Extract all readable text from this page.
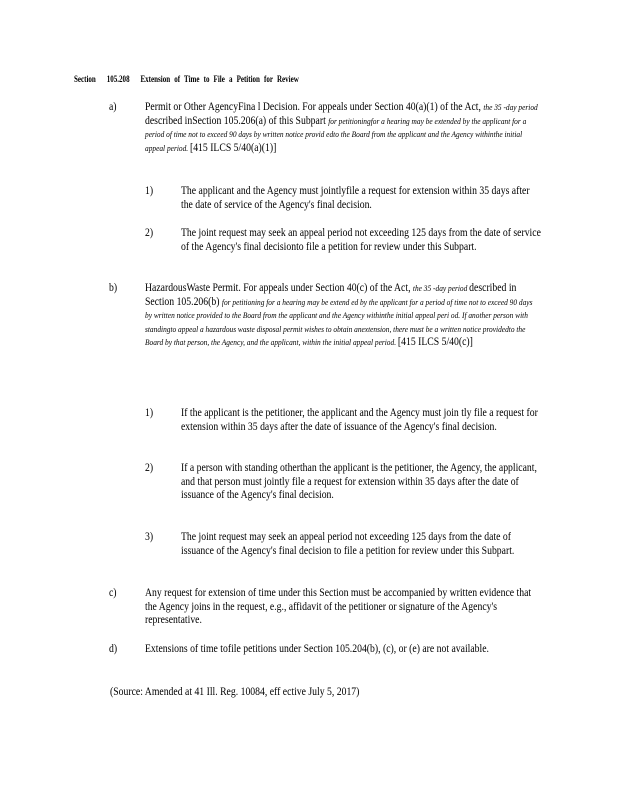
Section 105.208 Extension of Time to File a Petition for Review
a)	Permit or Other AgencyFina l Decision. For appeals under Section 40(a)(1) of the Act, the 35 -day period described inSection 105.206(a) of this Subpart for petitioningfor a hearing may be extended by the applicant for a period of time not to exceed 90 days by written notice provid edto the Board from the applicant and the Agency withinthe initial appeal period. [415 ILCS 5/40(a)(1)]
1) The applicant and the Agency must jointlyfile a request for extension within 35 days after the date of service of the Agency's final decision.
2) The joint request may seek an appeal period not exceeding 125 days from the date of service of the Agency's final decisionto file a petition for review under this Subpart.
b) HazardousWaste Permit. For appeals under Section 40(c) of the Act, the 35 -day period described in Section 105.206(b) for petitioning for a hearing may be extend ed by the applicant for a period of time not to exceed 90 days by written notice provided to the Board from the applicant and the Agency withinthe initial appeal peri od. If another person with standingto appeal a hazardous waste disposal permit wishes to obtain anextension, there must be a written notice providedto the Board by that person, the Agency, and the applicant, within the initial appeal period. [415 ILCS 5/40(c)]
1) If the applicant is the petitioner, the applicant and the Agency must join tly file a request for extension within 35 days after the date of issuance of the Agency's final decision.
2) If a person with standing otherthan the applicant is the petitioner, the Agency, the applicant, and that person must jointly file a request for extension within 35 days after the date of issuance of the Agency's final decision.
3) The joint request may seek an appeal period not exceeding 125 days from the date of issuance of the Agency's final decision to file a petition for review under this Subpart.
c)	Any request for extension of time under this Section must be accompanied by written evidence that the Agency joins in the request, e.g., affidavit of the petitioner or signature of the Agency's representative.
d) Extensions of time tofile petitions under Section 105.204(b), (c), or (e) are not available.
(Source: Amended at 41 Ill. Reg. 10084, eff ective July 5, 2017)
